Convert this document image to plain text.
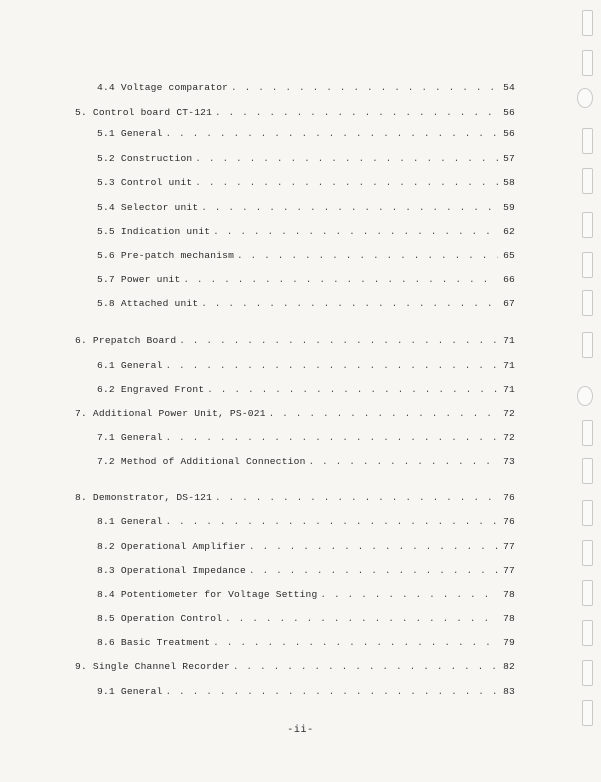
4.4 Voltage comparator . . .	54
5. Control board CT-121 . . .	56
5.1 General . . .	56
5.2 Construction . . .	57
5.3 Control unit . . .	58
5.4 Selector unit . . .	59
5.5 Indication unit . . .	62
5.6 Pre-patch mechanism . . .	65
5.7 Power unit . . .	66
5.8 Attached unit . . .	67
6. Prepatch Board . . .	71
6.1 General . . .	71
6.2 Engraved Front . . .	71
7. Additional Power Unit, PS-021 . . .	72
7.1 General . . .	72
7.2 Method of Additional Connection . . .	73
8. Demonstrator, DS-121 . . .	76
8.1 General . . .	76
8.2 Operational Amplifier . . .	77
8.3 Operational Impedance . . .	77
8.4 Potentiometer for Voltage Setting . . .	78
8.5 Operation Control . . .	78
8.6 Basic Treatment . . .	79
9. Single Channel Recorder . . .	82
9.1 General . . .	83
-ii-
